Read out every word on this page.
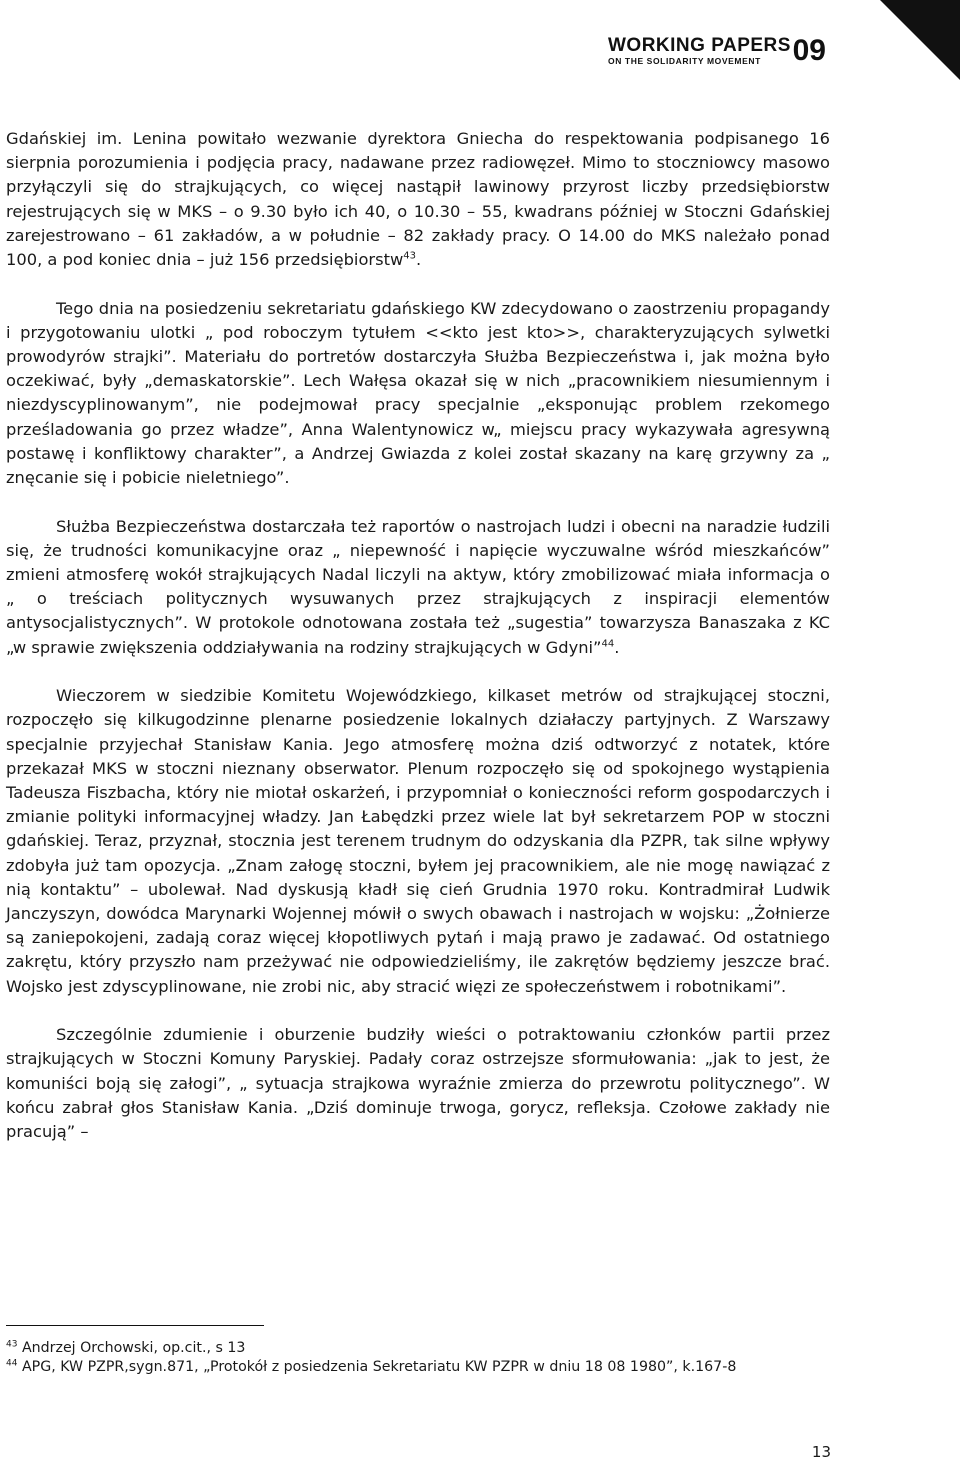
WORKING PAPERS
ON THE SOLIDARITY MOVEMENT	09

Gdańskiej im. Lenina powitało wezwanie dyrektora Gniecha do respektowania podpisanego 16 sierpnia porozumienia i podjęcia pracy, nadawane przez radiowęzeł. Mimo to stoczniowcy masowo przyłączyli się do strajkujących, co więcej nastąpił lawinowy przyrost liczby przedsiębiorstw rejestrujących się w MKS – o 9.30 było ich 40, o 10.30 – 55, kwadrans później w Stoczni Gdańskiej zarejestrowano – 61 zakładów, a w południe – 82 zakłady pracy. O 14.00 do MKS należało ponad 100, a pod koniec dnia – już 156 przedsiębiorstw$^{43}$.

Tego dnia na posiedzeniu sekretariatu gdańskiego KW zdecydowano o zaostrzeniu propagandy i przygotowaniu ulotki „ pod roboczym tytułem <<kto jest kto>>, charakteryzujących sylwetki prowodyrów strajki”. Materiału do portretów dostarczyła Służba Bezpieczeństwa i, jak można było oczekiwać, były „demaskatorskie”. Lech Wałęsa okazał się w nich „pracownikiem niesumiennym i niezdyscyplinowanym”, nie podejmował pracy specjalnie „eksponując problem rzekomego prześladowania go przez władze”, Anna Walentynowicz w„ miejscu pracy wykazywała agresywną postawę i konfliktowy charakter”, a Andrzej Gwiazda z kolei został skazany na karę grzywny za „ znęcanie się i pobicie nieletniego”.

Służba Bezpieczeństwa dostarczała też raportów o nastrojach ludzi i obecni na naradzie łudzili się, że trudności komunikacyjne oraz „ niepewność i napięcie wyczuwalne wśród mieszkańców” zmieni atmosferę wokół strajkujących Nadal liczyli na aktyw, który zmobilizować miała informacja o „ o treściach politycznych wysuwanych przez strajkujących z inspiracji elementów antysocjalistycznych”. W protokole odnotowana została też „sugestia” towarzysza Banaszaka z KC „w sprawie zwiększenia oddziaływania na rodziny strajkujących w Gdyni”$^{44}$.

Wieczorem w siedzibie Komitetu Wojewódzkiego, kilkaset metrów od strajkującej stoczni, rozpoczęło się kilkugodzinne plenarne posiedzenie lokalnych działaczy partyjnych. Z Warszawy specjalnie przyjechał Stanisław Kania. Jego atmosferę można dziś odtworzyć z notatek, które przekazał MKS w stoczni nieznany obserwator. Plenum rozpoczęło się od spokojnego wystąpienia Tadeusza Fiszbacha, który nie miotał oskarżeń, i przypomniał o konieczności reform gospodarczych i zmianie polityki informacyjnej władzy. Jan Łabędzki przez wiele lat był sekretarzem POP w stoczni gdańskiej. Teraz, przyznał, stocznia jest terenem trudnym do odzyskania dla PZPR, tak silne wpływy zdobyła już tam opozycja. „Znam załogę stoczni, byłem jej pracownikiem, ale nie mogę nawiązać z nią kontaktu” – ubolewał. Nad dyskusją kładł się cień Grudnia 1970 roku. Kontradmirał Ludwik Janczyszyn, dowódca Marynarki Wojennej mówił o swych obawach i nastrojach w wojsku: „Żołnierze są zaniepokojeni, zadają coraz więcej kłopotliwych pytań i mają prawo je zadawać. Od ostatniego zakrętu, który przyszło nam przeżywać nie odpowiedzieliśmy, ile zakrętów będziemy jeszcze brać. Wojsko jest zdyscyplinowane, nie zrobi nic, aby stracić więzi ze społeczeństwem i robotnikami”.

Szczególnie zdumienie i oburzenie budziły wieści o potraktowaniu członków partii przez strajkujących w Stoczni Komuny Paryskiej. Padały coraz ostrzejsze sformułowania: „jak to jest, że komuniści boją się załogi”, „ sytuacja strajkowa wyraźnie zmierza do przewrotu politycznego”. W końcu zabrał głos Stanisław Kania. „Dziś dominuje trwoga, gorycz, refleksja. Czołowe zakłady nie pracują” –

$^{43}$ Andrzej Orchowski, op.cit., s 13

$^{44}$ APG, KW PZPR,sygn.871, „Protokół z posiedzenia Sekretariatu KW PZPR w dniu 18 08 1980”, k.167-8

13
